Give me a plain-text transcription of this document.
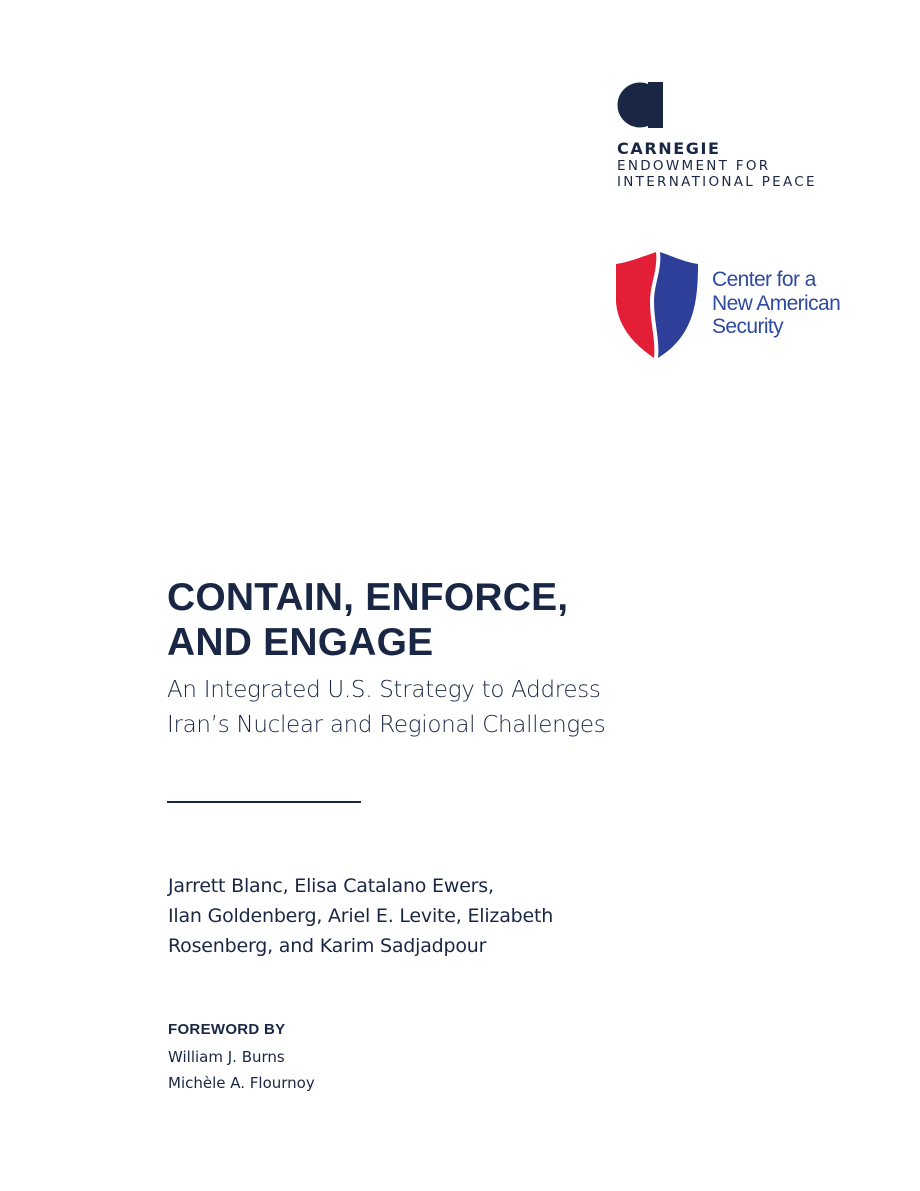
CARNEGIE
ENDOWMENT FOR
INTERNATIONAL PEACE
Center for a
New American
Security
CONTAIN, ENFORCE,
AND ENGAGE
An Integrated U.S. Strategy to Address
Iran’s Nuclear and Regional Challenges
Jarrett Blanc, Elisa Catalano Ewers,
Ilan Goldenberg, Ariel E. Levite, Elizabeth
Rosenberg, and Karim Sadjadpour
FOREWORD BY
William J. Burns
Michèle A. Flournoy
